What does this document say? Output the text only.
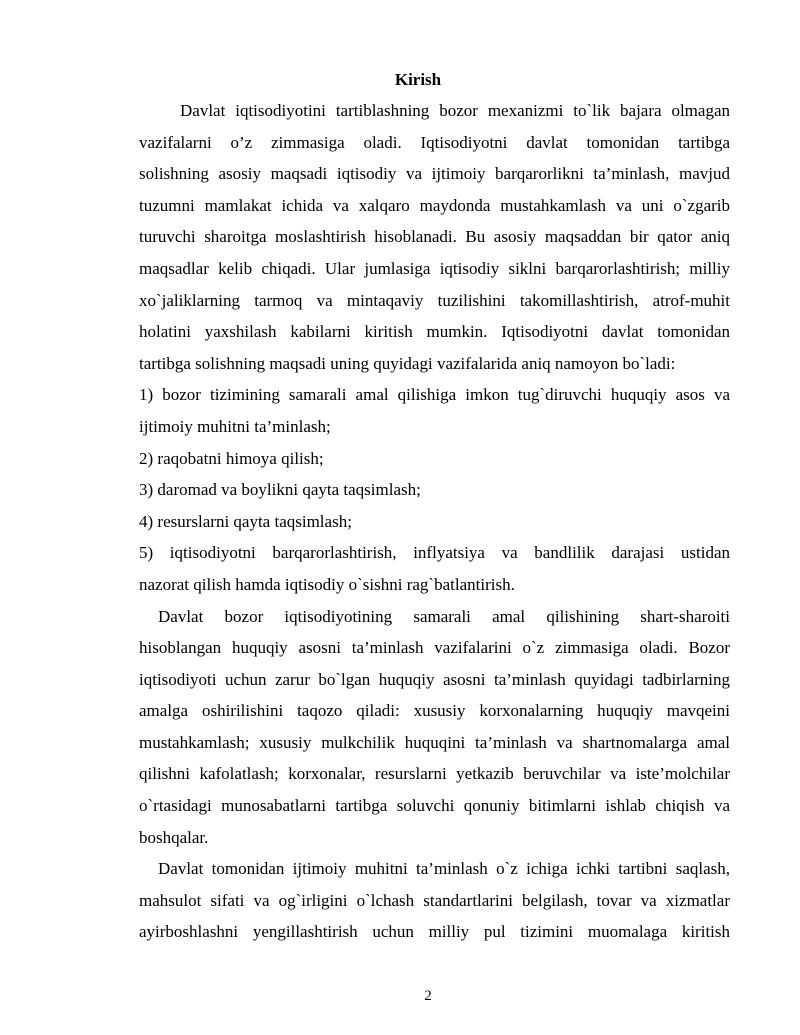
Kirish
Davlat iqtisodiyotini tartiblashning bozor mexanizmi to`lik bajara olmagan
vazifalarni o’z zimmasiga oladi. Iqtisodiyotni davlat tomonidan tartibga
solishning asosiy maqsadi iqtisodiy va ijtimoiy barqarorlikni ta’minlash, mavjud
tuzumni mamlakat ichida va xalqaro maydonda mustahkamlash va uni o`zgarib
turuvchi sharoitga moslashtirish hisoblanadi. Bu asosiy maqsaddan bir qator aniq
maqsadlar kelib chiqadi. Ular jumlasiga iqtisodiy siklni barqarorlashtirish; milliy
xo`jaliklarning tarmoq va mintaqaviy tuzilishini takomillashtirish, atrof-muhit
holatini yaxshilash kabilarni kiritish mumkin. Iqtisodiyotni davlat tomonidan
tartibga solishning maqsadi uning quyidagi vazifalarida aniq namoyon bo`ladi:
1) bozor tizimining samarali amal qilishiga imkon tug`diruvchi huquqiy asos va
ijtimoiy muhitni ta’minlash;
2) raqobatni himoya qilish;
3) daromad va boylikni qayta taqsimlash;
4) resurslarni qayta taqsimlash;
5) iqtisodiyotni barqarorlashtirish, inflyatsiya va bandlilik darajasi ustidan
nazorat qilish hamda iqtisodiy o`sishni rag`batlantirish.
Davlat bozor iqtisodiyotining samarali amal qilishining shart-sharoiti
hisoblangan huquqiy asosni ta’minlash vazifalarini o`z zimmasiga oladi. Bozor
iqtisodiyoti uchun zarur bo`lgan huquqiy asosni ta’minlash quyidagi tadbirlarning
amalga oshirilishini taqozo qiladi: xususiy korxonalarning huquqiy mavqeini
mustahkamlash; xususiy mulkchilik huquqini ta’minlash va shartnomalarga amal
qilishni kafolatlash; korxonalar, resurslarni yetkazib beruvchilar va iste’molchilar
o`rtasidagi munosabatlarni tartibga soluvchi qonuniy bitimlarni ishlab chiqish va
boshqalar.
Davlat tomonidan ijtimoiy muhitni ta’minlash o`z ichiga ichki tartibni saqlash,
mahsulot sifati va og`irligini o`lchash standartlarini belgilash, tovar va xizmatlar
ayirboshlashni yengillashtirish uchun milliy pul tizimini muomalaga kiritish
2
